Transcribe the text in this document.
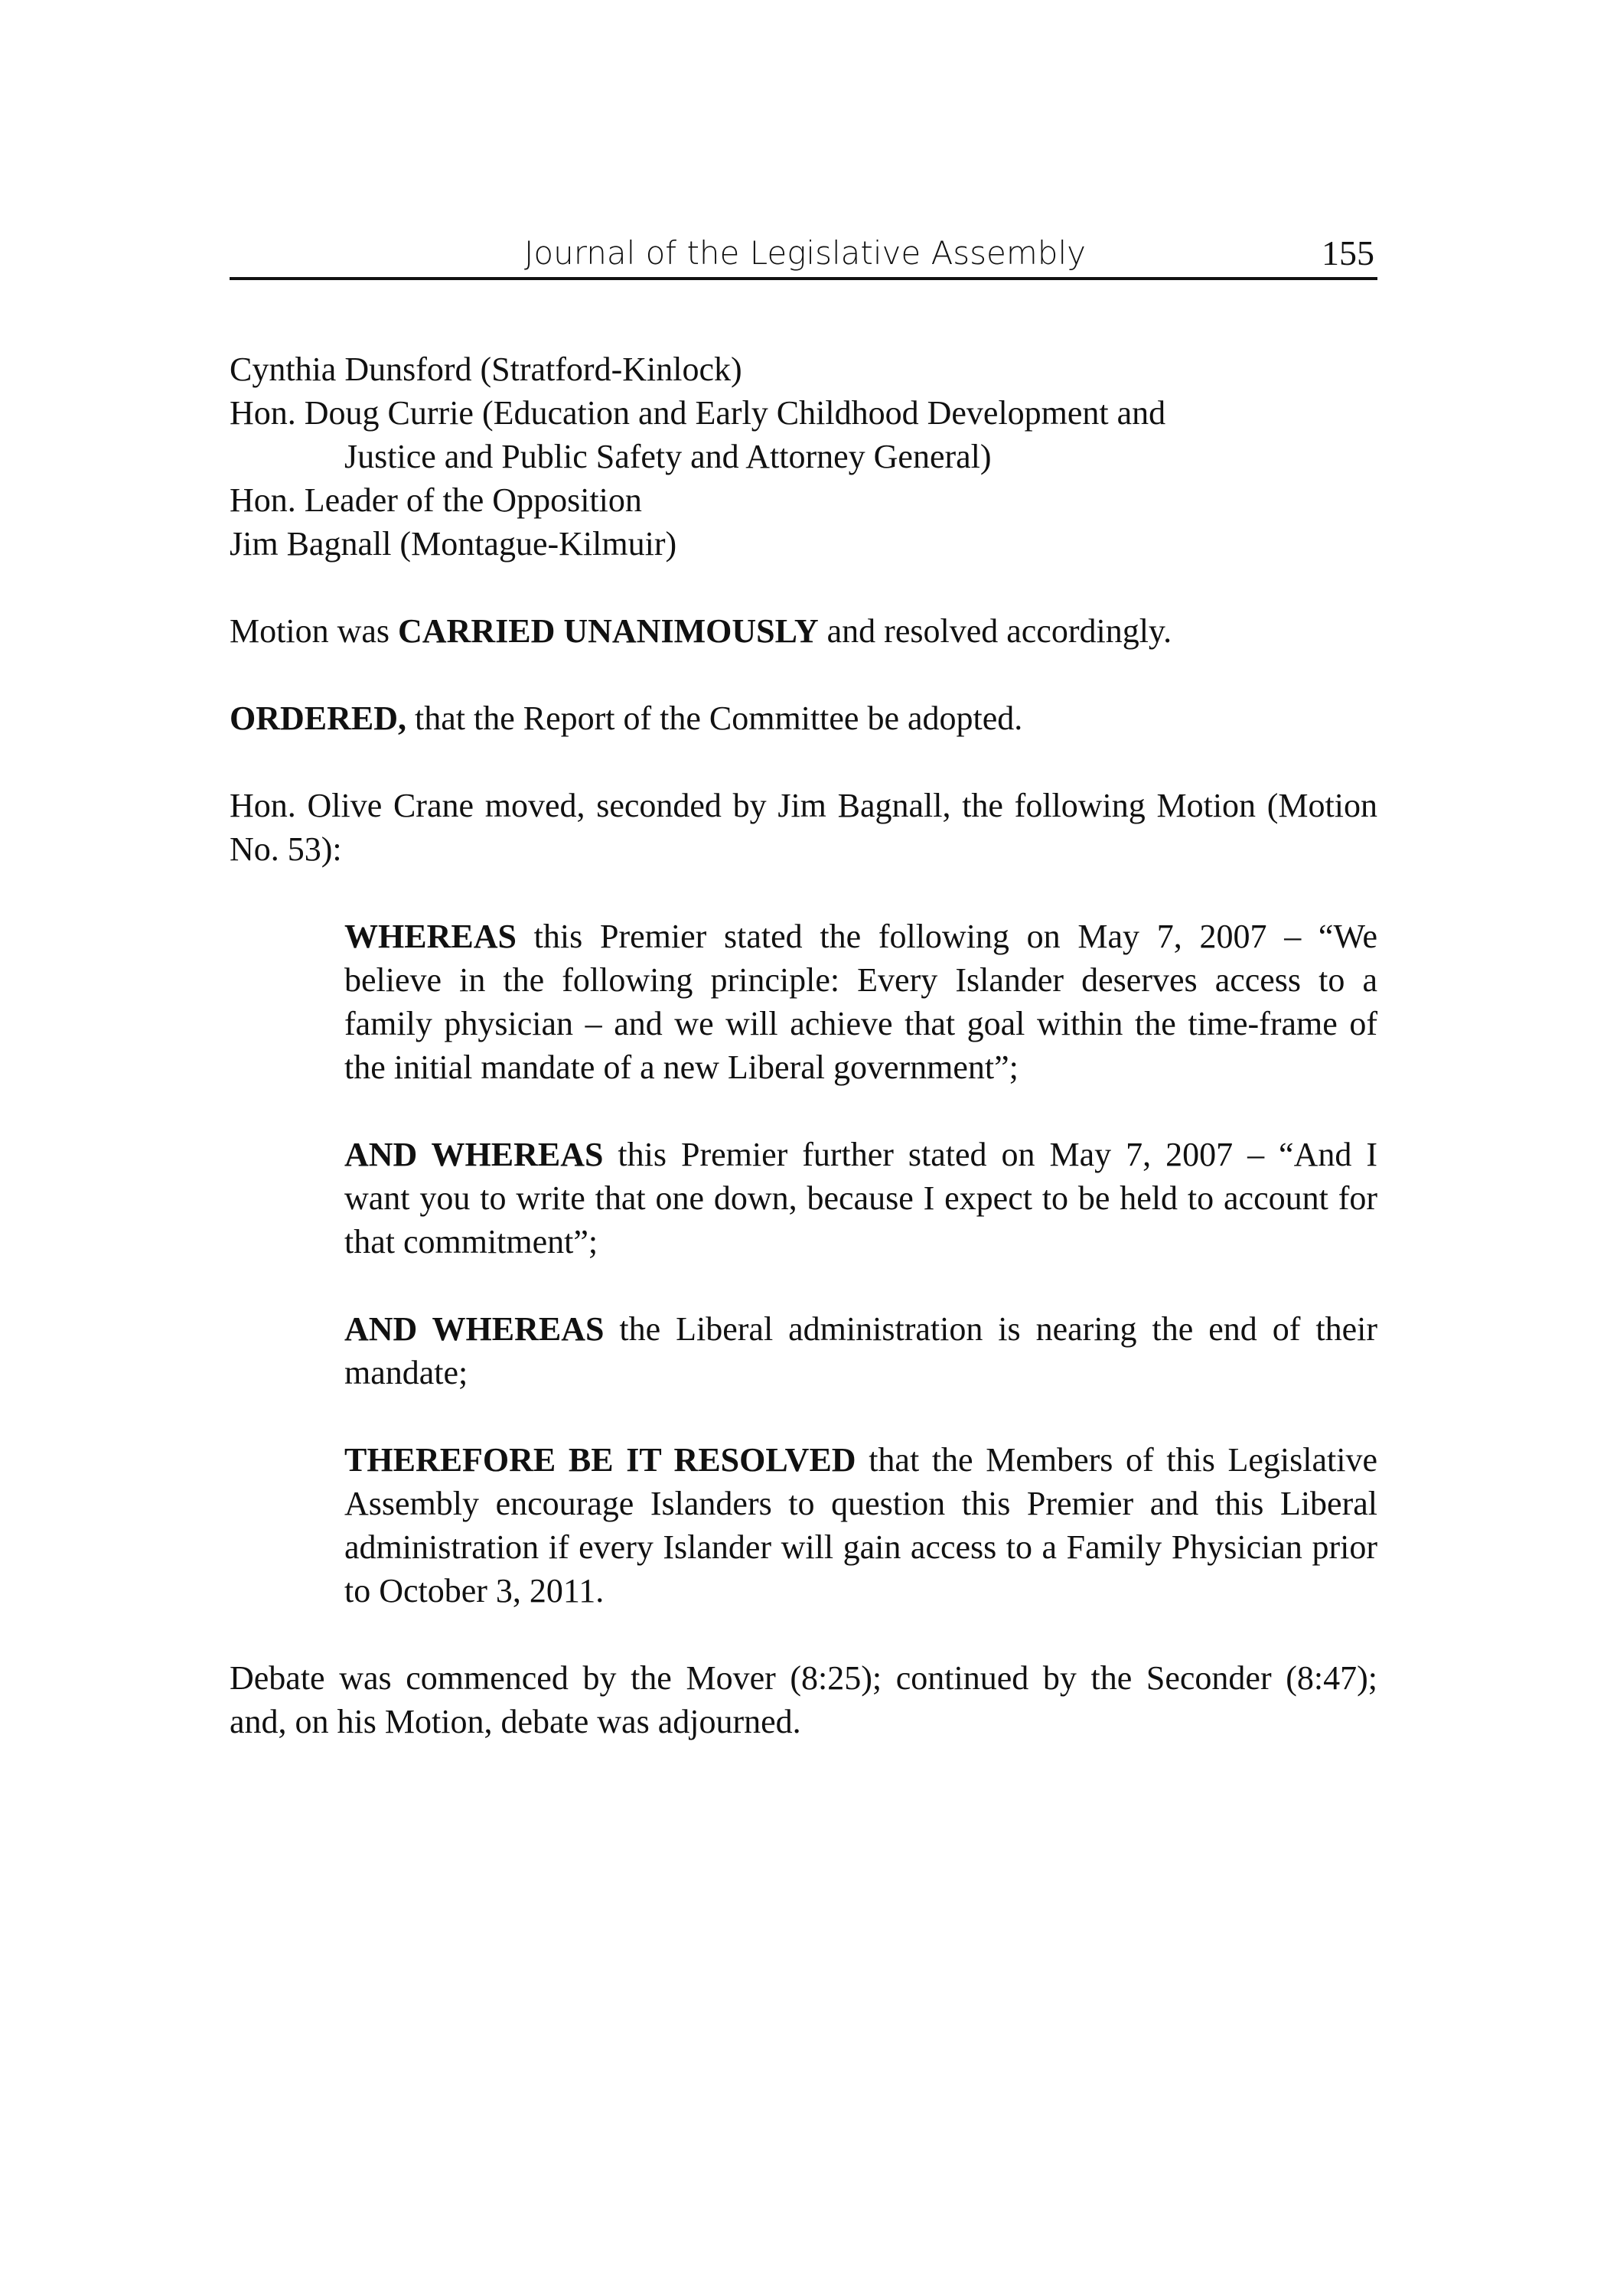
Journal of the Legislative Assembly	155
Cynthia Dunsford (Stratford-Kinlock)
Hon. Doug Currie (Education and Early Childhood Development and
Justice and Public Safety and Attorney General)
Hon. Leader of the Opposition
Jim Bagnall (Montague-Kilmuir)

Motion was CARRIED UNANIMOUSLY and resolved accordingly.

ORDERED, that the Report of the Committee be adopted.

Hon. Olive Crane moved, seconded by Jim Bagnall, the following Motion (Motion No. 53):

WHEREAS this Premier stated the following on May 7, 2007 – “We believe in the following principle: Every Islander deserves access to a family physician – and we will achieve that goal within the time-frame of the initial mandate of a new Liberal government”;

AND WHEREAS this Premier further stated on May 7, 2007 – “And I want you to write that one down, because I expect to be held to account for that commitment”;

AND WHEREAS the Liberal administration is nearing the end of their mandate;

THEREFORE BE IT RESOLVED that the Members of this Legislative Assembly encourage Islanders to question this Premier and this Liberal administration if every Islander will gain access to a Family Physician prior to October 3, 2011.

Debate was commenced by the Mover (8:25); continued by the Seconder (8:47); and, on his Motion, debate was adjourned.
